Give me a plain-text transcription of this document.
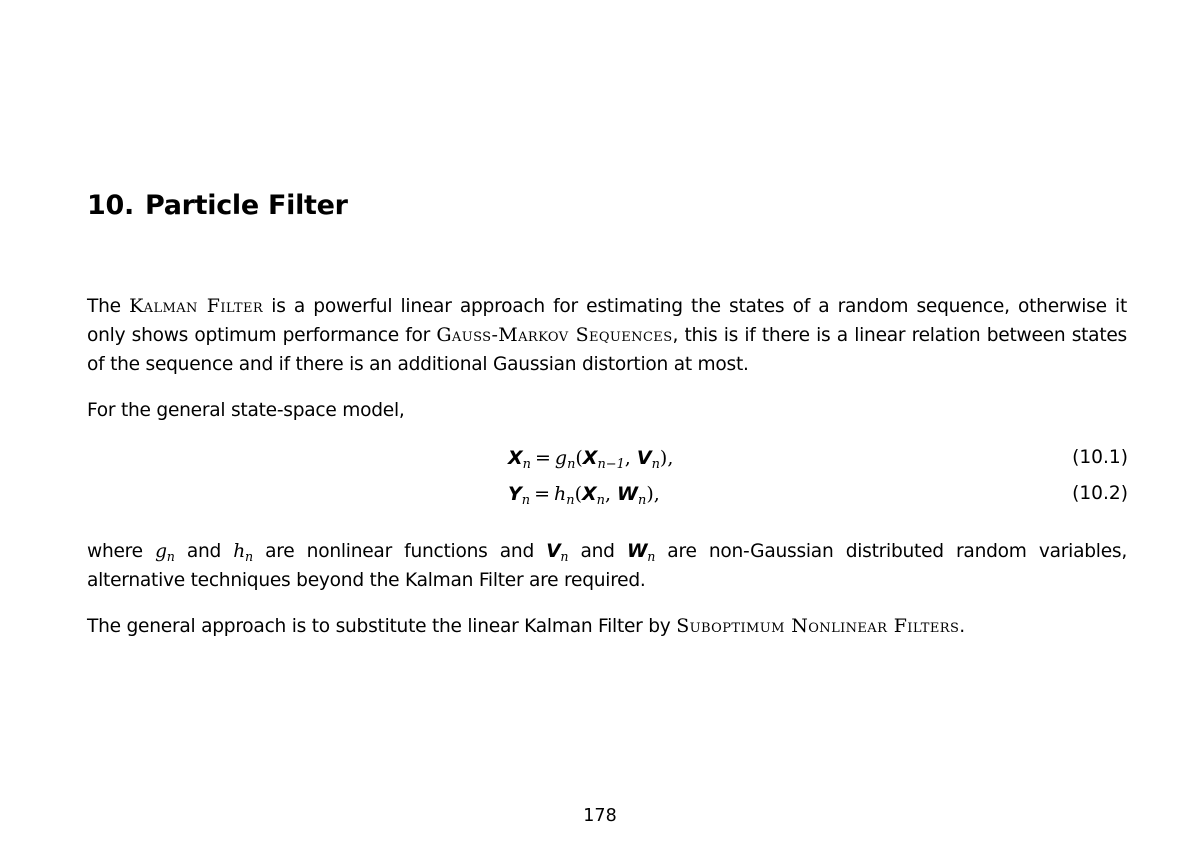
10. Particle Filter

The Kalman Filter is a powerful linear approach for estimating the states of a random sequence, otherwise it only shows optimum performance for Gauss-Markov Sequences, this is if there is a linear relation between states of the sequence and if there is an additional Gaussian distortion at most.

For the general state-space model,

$X_n = g_n(X_{n-1}$, $V_n$),	(10.1)
$Y_n = h_n(X_n$, $W_n$),	(10.2)

where $g_n$ and $h_n$ are nonlinear functions and $V_n$ and $W_n$ are non-Gaussian distributed random variables, alternative techniques beyond the Kalman Filter are required.

The general approach is to substitute the linear Kalman Filter by Suboptimum Nonlinear Filters.

178
